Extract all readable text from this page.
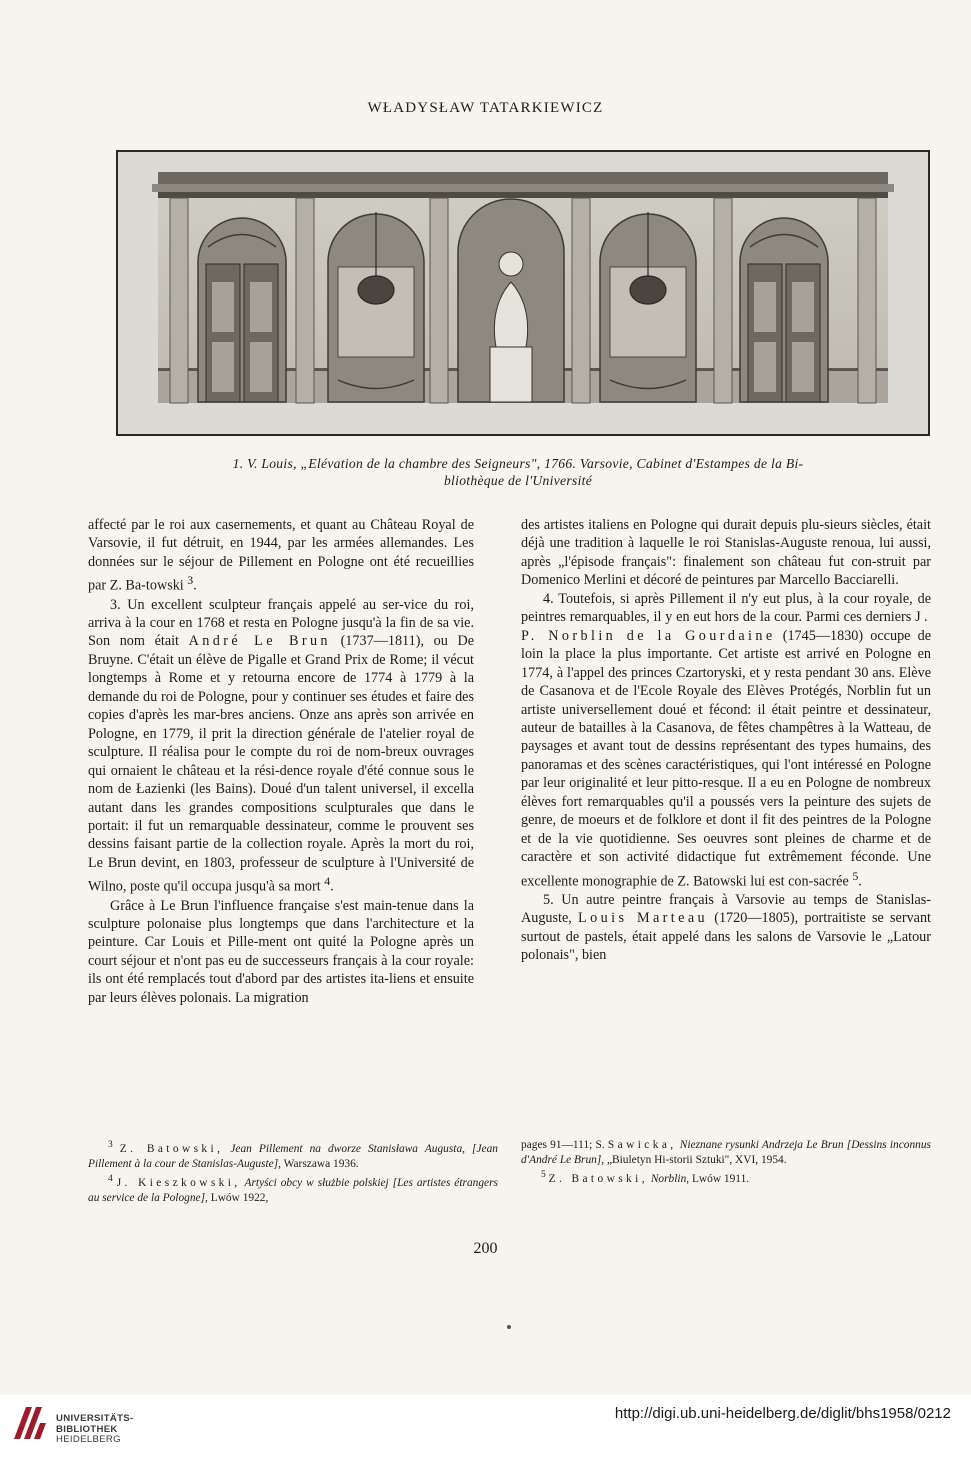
WŁADYSŁAW TATARKIEWICZ
1. V. Louis, „Elévation de la chambre des Seigneurs", 1766. Varsovie, Cabinet d'Estampes de la Bi-
bliothèque de l'Université

affecté par le roi aux casernements, et quant au Château Royal de Varsovie, il fut détruit, en 1944, par les armées allemandes. Les données sur le séjour de Pillement en Pologne ont été recueillies par Z. Ba-towski $^3$.

3. Un excellent sculpteur français appelé au ser-vice du roi, arriva à la cour en 1768 et resta en Pologne jusqu'à la fin de sa vie. Son nom était André Le Brun (1737—1811), ou De Bruyne. C'était un élève de Pigalle et Grand Prix de Rome; il vécut longtemps à Rome et y retourna encore de 1774 à 1779 à la demande du roi de Pologne, pour y continuer ses études et faire des copies d'après les mar-bres anciens. Onze ans après son arrivée en Pologne, en 1779, il prit la direction générale de l'atelier royal de sculpture. Il réalisa pour le compte du roi de nom-breux ouvrages qui ornaient le château et la rési-dence royale d'été connue sous le nom de Łazienki (les Bains). Doué d'un talent universel, il excella autant dans les grandes compositions sculpturales que dans le portait: il fut un remarquable dessinateur, comme le prouvent ses dessins faisant partie de la collection royale. Après la mort du roi, Le Brun devint, en 1803, professeur de sculpture à l'Université de Wilno, poste qu'il occupa jusqu'à sa mort $^4$.

Grâce à Le Brun l'influence française s'est main-tenue dans la sculpture polonaise plus longtemps que dans l'architecture et la peinture. Car Louis et Pille-ment ont quité la Pologne après un court séjour et n'ont pas eu de successeurs français à la cour royale: ils ont été remplacés tout d'abord par des artistes ita-liens et ensuite par leurs élèves polonais. La migration

des artistes italiens en Pologne qui durait depuis plu-sieurs siècles, était déjà une tradition à laquelle le roi Stanislas-Auguste renoua, lui aussi, après „l'épisode français": finalement son château fut con-struit par Domenico Merlini et décoré de peintures par Marcello Bacciarelli.

4. Toutefois, si après Pillement il n'y eut plus, à la cour royale, de peintres remarquables, il y en eut hors de la cour. Parmi ces derniers J. P. Norblin de la Gourdaine (1745—1830) occupe de loin la place la plus importante. Cet artiste est arrivé en Pologne en 1774, à l'appel des princes Czartoryski, et y resta pendant 30 ans. Elève de Casanova et de l'Ecole Royale des Elèves Protégés, Norblin fut un artiste universellement doué et fécond: il était peintre et dessinateur, auteur de batailles à la Casanova, de fêtes champêtres à la Watteau, de paysages et avant tout de dessins représentant des types humains, des panoramas et des scènes caractéristiques, qui l'ont intéressé en Pologne par leur originalité et leur pitto-resque. Il a eu en Pologne de nombreux élèves fort remarquables qu'il a poussés vers la peinture des sujets de genre, de moeurs et de folklore et dont il fit des peintres de la Pologne et de la vie quotidienne. Ses oeuvres sont pleines de charme et de caractère et son activité didactique fut extrêmement féconde. Une excellente monographie de Z. Batowski lui est con-sacrée $^5$.

5. Un autre peintre français à Varsovie au temps de Stanislas-Auguste, Louis Marteau (1720—1805), portraitiste se servant surtout de pastels, était appelé dans les salons de Varsovie le „Latour polonais", bien

$^3$ Z. Batowski, Jean Pillement na dworze Stanisława Augusta, [Jean Pillement à la cour de Stanislas-Auguste], Warszawa 1936.

$^4$ J. Kieszkowski, Artyści obcy w służbie polskiej [Les artistes étrangers au service de la Pologne], Lwów 1922,

pages 91—111; S. Sawicka, Nieznane rysunki Andrzeja Le Brun [Dessins inconnus d'André Le Brun], „Biuletyn Hi-storii Sztuki", XVI, 1954.

$^5$ Z. Batowski, Norblin, Lwów 1911.

200
UNIVERSITÄTS-
BIBLIOTHEK
HEIDELBERG
http://digi.ub.uni-heidelberg.de/diglit/bhs1958/0212
